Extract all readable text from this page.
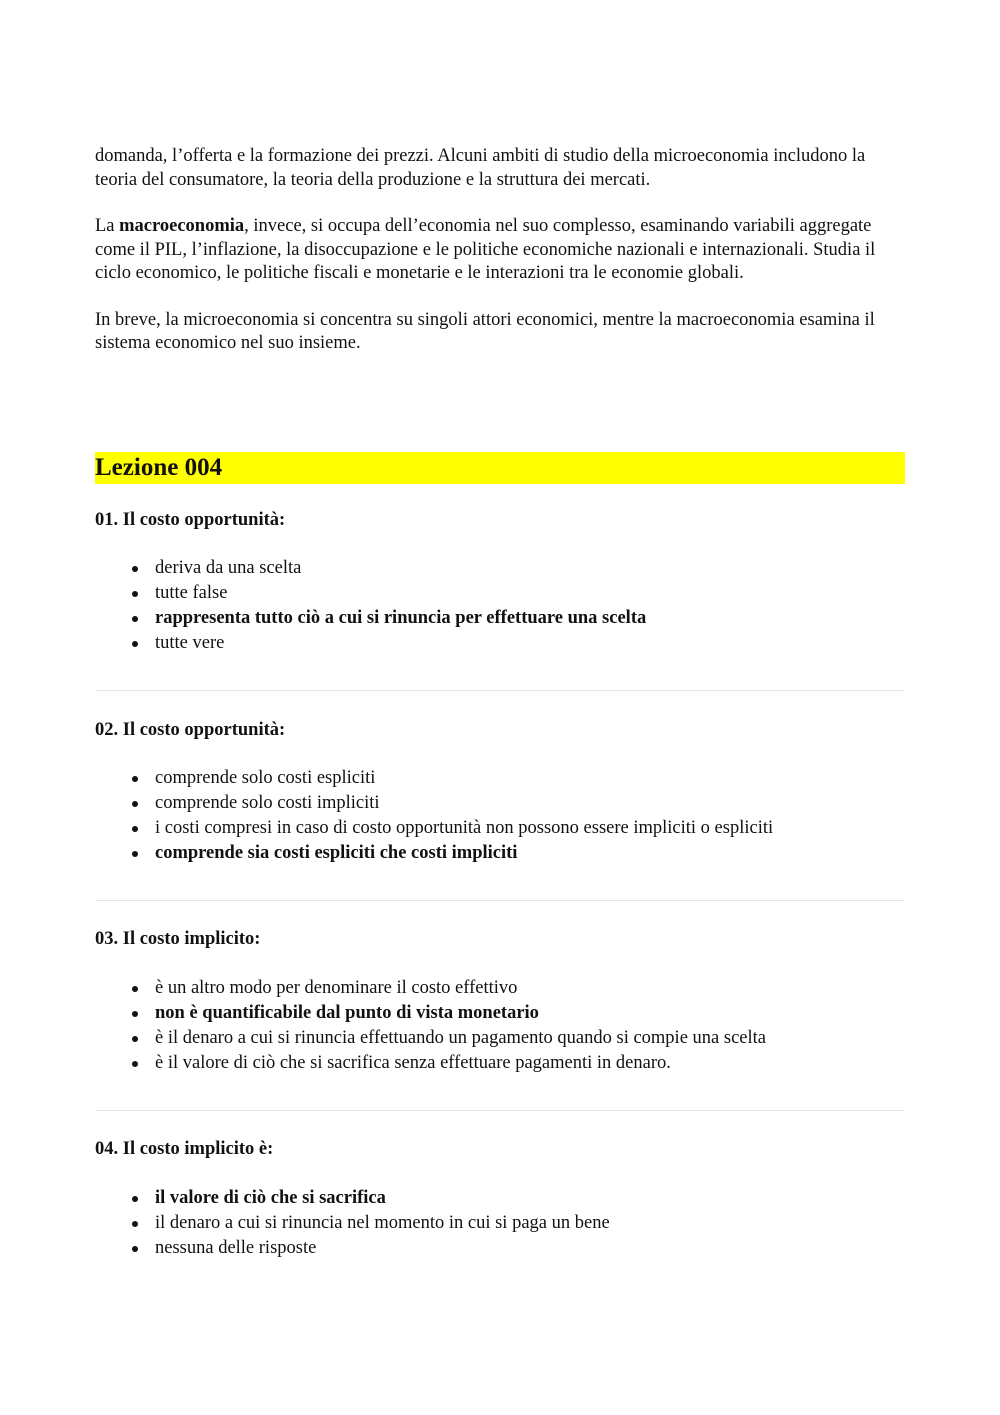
domanda, l’offerta e la formazione dei prezzi. Alcuni ambiti di studio della microeconomia includono la teoria del consumatore, la teoria della produzione e la struttura dei mercati.

La macroeconomia, invece, si occupa dell’economia nel suo complesso, esaminando variabili aggregate come il PIL, l’inflazione, la disoccupazione e le politiche economiche nazionali e internazionali. Studia il ciclo economico, le politiche fiscali e monetarie e le interazioni tra le economie globali.

In breve, la microeconomia si concentra su singoli attori economici, mentre la macroeconomia esamina il sistema economico nel suo insieme.

Lezione 004

01. Il costo opportunità:

deriva da una scelta
tutte false
rappresenta tutto ciò a cui si rinuncia per effettuare una scelta
tutte vere

02. Il costo opportunità:

comprende solo costi espliciti
comprende solo costi impliciti
i costi compresi in caso di costo opportunità non possono essere impliciti o espliciti
comprende sia costi espliciti che costi impliciti

03. Il costo implicito:

è un altro modo per denominare il costo effettivo
non è quantificabile dal punto di vista monetario
è il denaro a cui si rinuncia effettuando un pagamento quando si compie una scelta
è il valore di ciò che si sacrifica senza effettuare pagamenti in denaro.

04. Il costo implicito è:

il valore di ciò che si sacrifica
il denaro a cui si rinuncia nel momento in cui si paga un bene
nessuna delle risposte
